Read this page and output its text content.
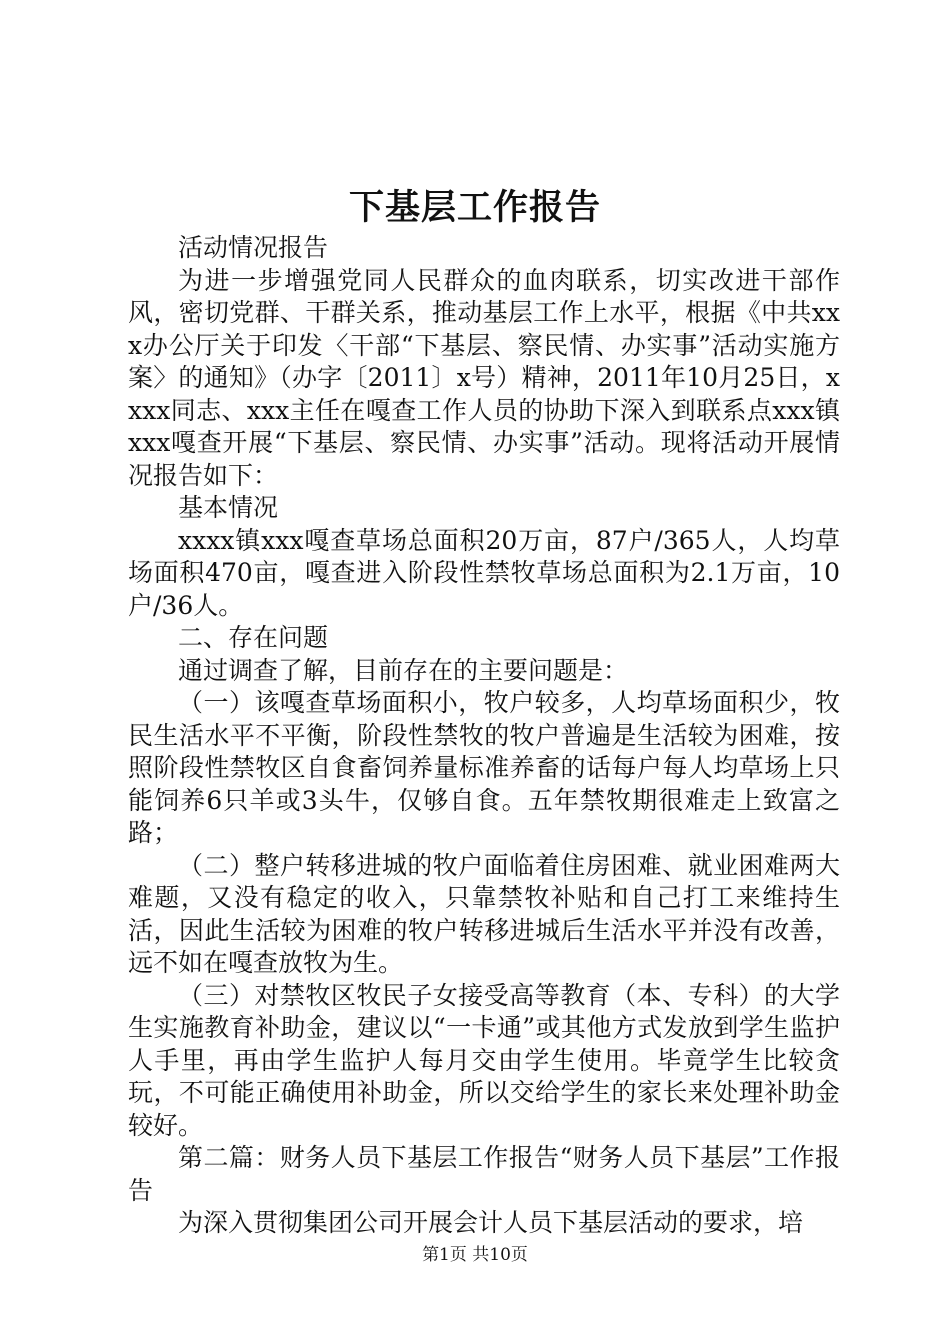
下基层工作报告

活动情况报告

为进一步增强党同人民群众的血肉联系，切实改进干部作风，密切党群、干群关系，推动基层工作上水平，根据《中共xxx办公厅关于印发〈干部“下基层、察民情、办实事”活动实施方案〉的通知》（办字〔2011〕x号）精神，2011年10月25日，xxxx同志、xxx主任在嘎查工作人员的协助下深入到联系点xxx镇xxx嘎查开展“下基层、察民情、办实事”活动。现将活动开展情况报告如下：

基本情况

xxxx镇xxx嘎查草场总面积20万亩，87户/365人，人均草场面积470亩，嘎查进入阶段性禁牧草场总面积为2.1万亩，10户/36人。

二、存在问题

通过调查了解，目前存在的主要问题是：

（一）该嘎查草场面积小，牧户较多，人均草场面积少，牧民生活水平不平衡，阶段性禁牧的牧户普遍是生活较为困难，按照阶段性禁牧区自食畜饲养量标准养畜的话每户每人均草场上只能饲养6只羊或3头牛，仅够自食。五年禁牧期很难走上致富之路；

（二）整户转移进城的牧户面临着住房困难、就业困难两大难题，又没有稳定的收入，只靠禁牧补贴和自己打工来维持生活，因此生活较为困难的牧户转移进城后生活水平并没有改善，远不如在嘎查放牧为生。

（三）对禁牧区牧民子女接受高等教育（本、专科）的大学生实施教育补助金，建议以“一卡通”或其他方式发放到学生监护人手里，再由学生监护人每月交由学生使用。毕竟学生比较贪玩，不可能正确使用补助金，所以交给学生的家长来处理补助金较好。

第二篇：财务人员下基层工作报告“财务人员下基层”工作报告

为深入贯彻集团公司开展会计人员下基层活动的要求，培

第1页 共10页
